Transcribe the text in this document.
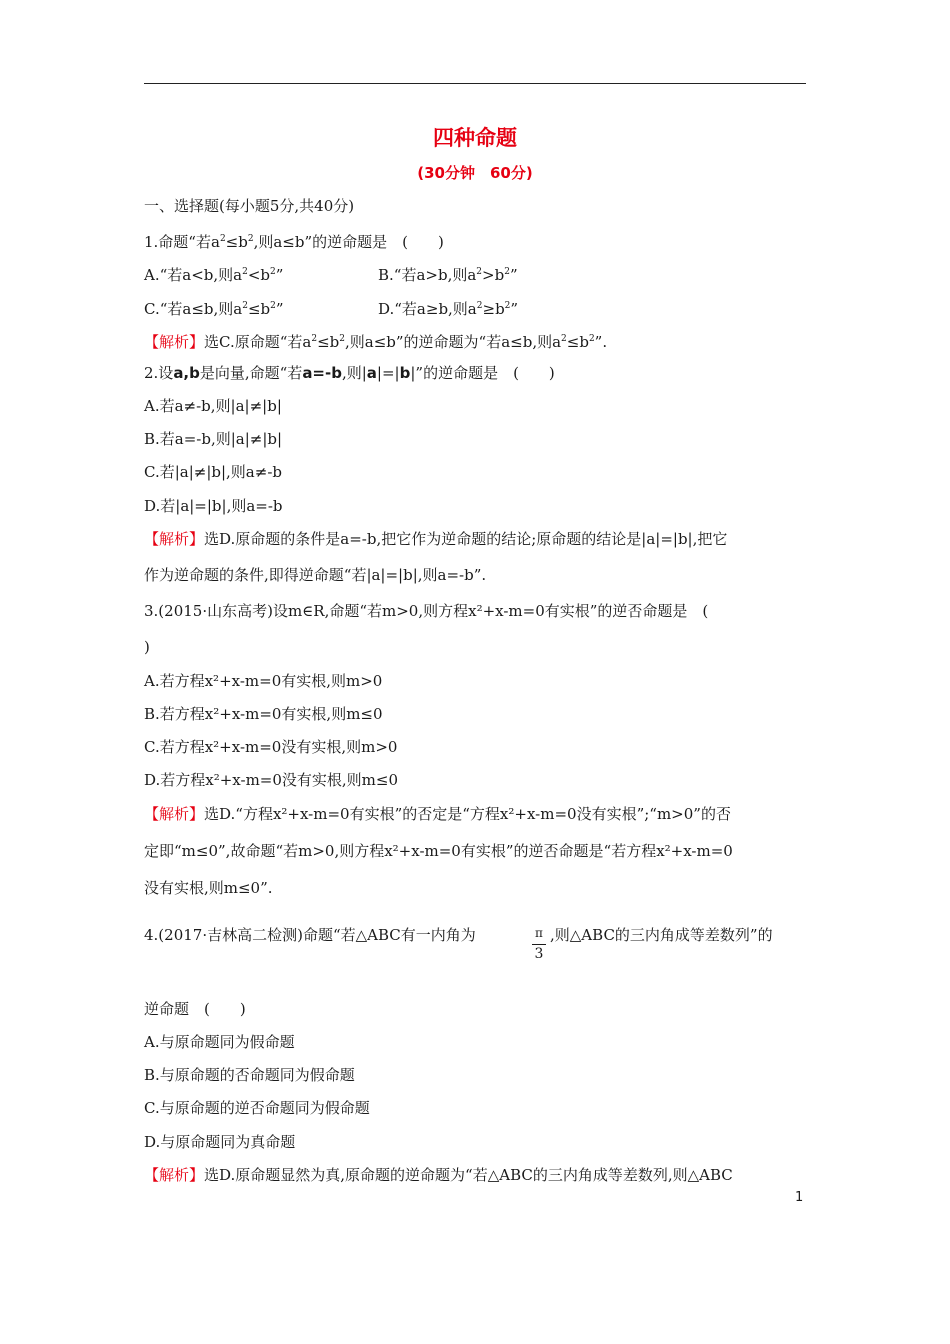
四种命题
(30分钟　60分)
一、选择题(每小题5分,共40分)
1.命题“若$a^2\le b^2$,则a≤b”的逆命题是　(　　)
A.“若a<b,则$a^2<b^2$”	B.“若a>b,则$a^2>b^2$”
C.“若a≤b,则$a^2\le b^2$”	D.“若a≥b,则$a^2\ge b^2$”
【解析】选C.原命题“若$a^2\le b^2$,则a≤b”的逆命题为“若a≤b,则$a^2\le b^2$”.
2.设a,b是向量,命题“若a=-b,则|a|=|b|”的逆命题是　(　　)
A.若a≠-b,则|a|≠|b|
B.若a=-b,则|a|≠|b|
C.若|a|≠|b|,则a≠-b
D.若|a|=|b|,则a=-b
【解析】选D.原命题的条件是a=-b,把它作为逆命题的结论;原命题的结论是|a|=|b|,把它
作为逆命题的条件,即得逆命题“若|a|=|b|,则a=-b”.
3.(2015·山东高考)设m∈R,命题“若m>0,则方程x²+x-m=0有实根”的逆否命题是　(
)
A.若方程x²+x-m=0有实根,则m>0
B.若方程x²+x-m=0有实根,则m≤0
C.若方程x²+x-m=0没有实根,则m>0
D.若方程x²+x-m=0没有实根,则m≤0
【解析】选D.“方程x²+x-m=0有实根”的否定是“方程x²+x-m=0没有实根”;“m>0”的否
定即“m≤0”,故命题“若m>0,则方程x²+x-m=0有实根”的逆否命题是“若方程x²+x-m=0
没有实根,则m≤0”.
4.(2017·吉林高二检测)命题“若△ABC有一内角为	$\frac{\pi}{3}$ ,则△ABC的三内角成等差数列”的
逆命题　(　　)
A.与原命题同为假命题
B.与原命题的否命题同为假命题
C.与原命题的逆否命题同为假命题
D.与原命题同为真命题
【解析】选D.原命题显然为真,原命题的逆命题为“若△ABC的三内角成等差数列,则△ABC
1
